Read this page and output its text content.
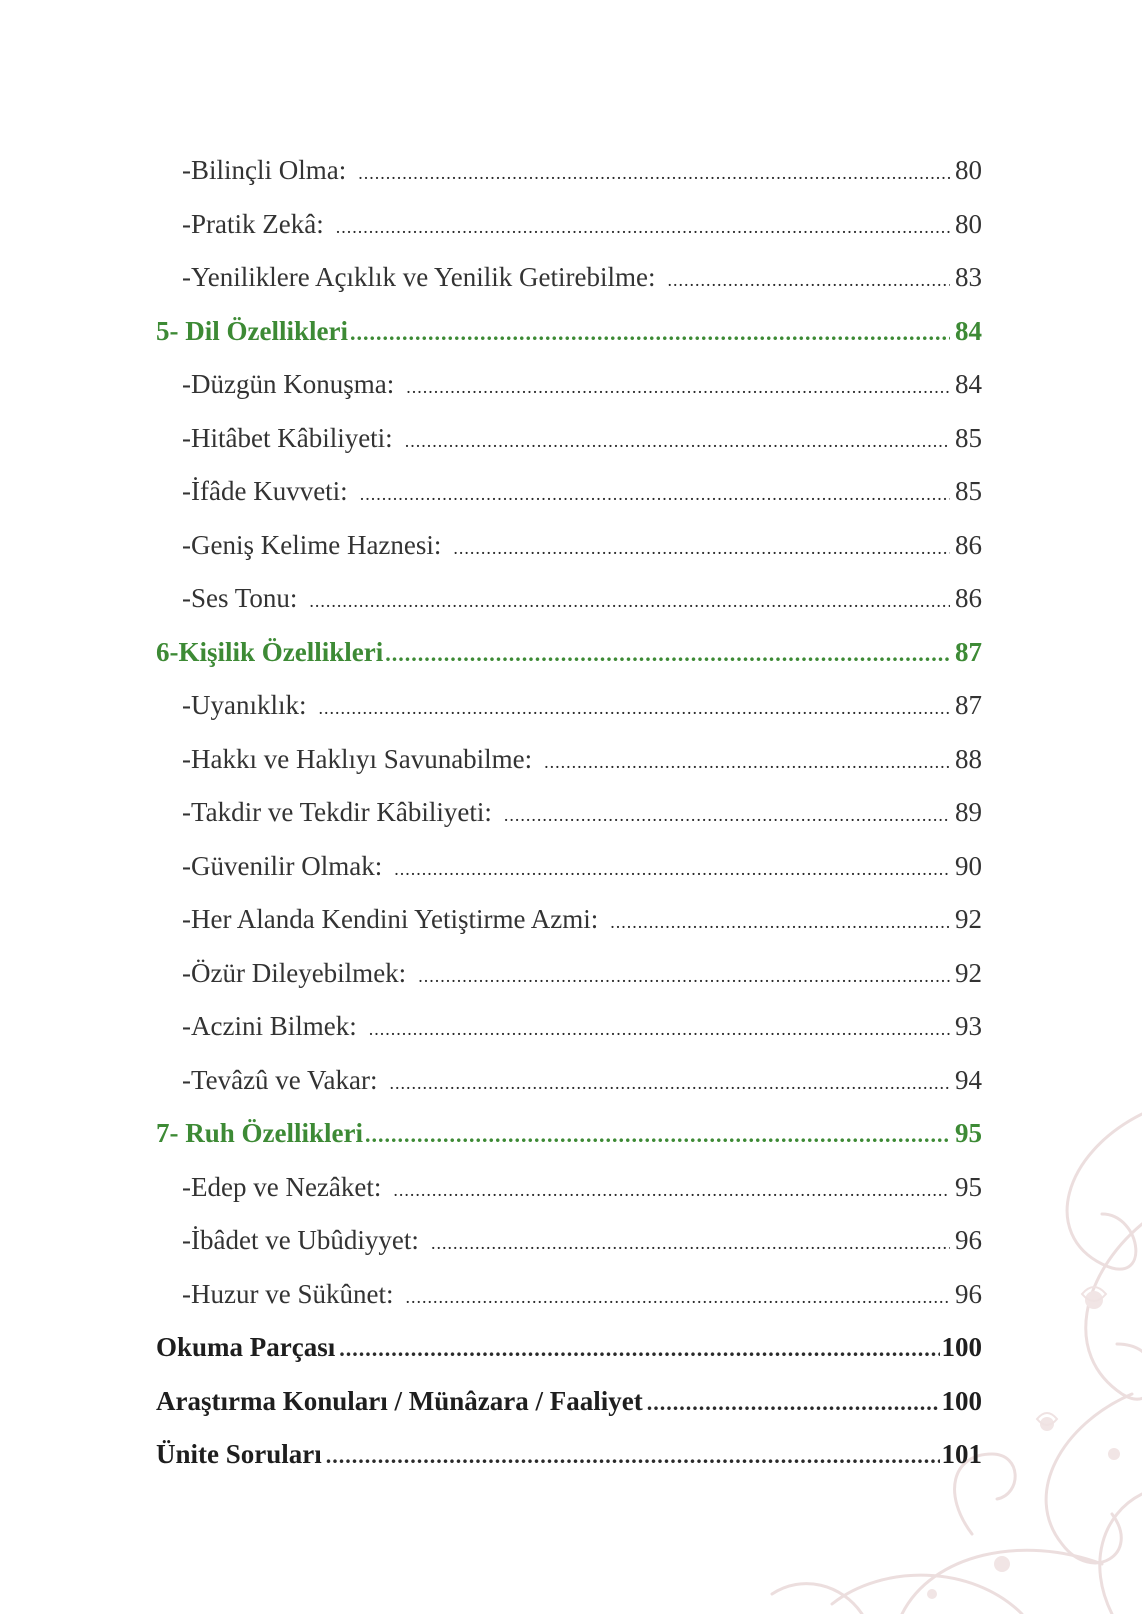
-Bilinçli Olma: .....	80
-Pratik Zekâ: .....	80
-Yeniliklere Açıklık ve Yenilik Getirebilme: .....	83
5- Dil Özellikleri .....	84
-Düzgün Konuşma: .....	84
-Hitâbet Kâbiliyeti: .....	85
-İfâde Kuvveti: .....	85
-Geniş Kelime Haznesi: .....	86
-Ses Tonu: .....	86
6-Kişilik Özellikleri .....	87
-Uyanıklık: .....	87
-Hakkı ve Haklıyı Savunabilme: .....	88
-Takdir ve Tekdir Kâbiliyeti: .....	89
-Güvenilir Olmak: .....	90
-Her Alanda Kendini Yetiştirme Azmi: .....	92
-Özür Dileyebilmek: .....	92
-Aczini Bilmek: .....	93
-Tevâzû ve Vakar: .....	94
7- Ruh Özellikleri .....	95
-Edep ve Nezâket: .....	95
-İbâdet ve Ubûdiyyet: .....	96
-Huzur ve Sükûnet: .....	96
Okuma Parçası .....	100
Araştırma Konuları / Münâzara / Faaliyet .....	100
Ünite Soruları .....	101
